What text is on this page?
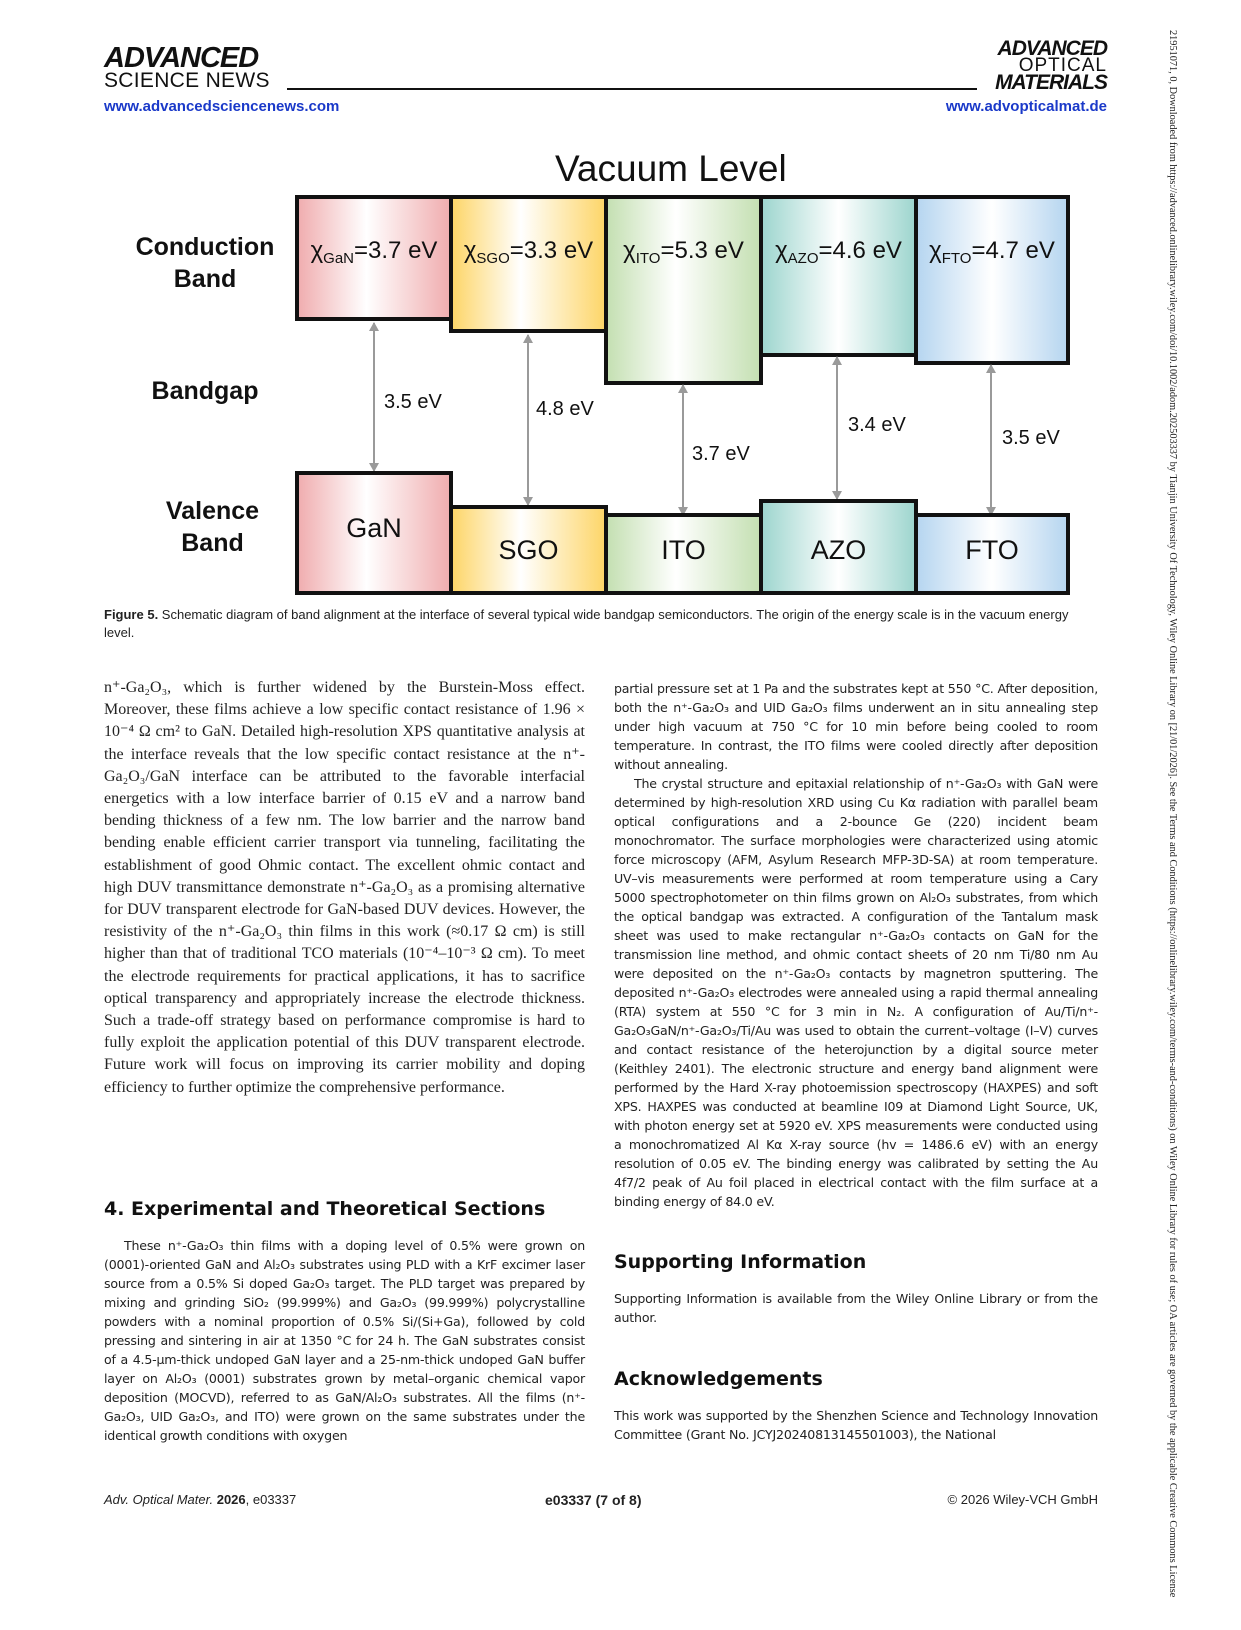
ADVANCED
SCIENCE NEWS
www.advancedsciencenews.com
ADVANCED
OPTICAL
MATERIALS
www.advopticalmat.de	21951071, 0, Downloaded from https://advanced.onlinelibrary.wiley.com/doi/10.1002/adom.202503337 by Tianjin University Of Technology, Wiley Online Library on [21/01/2026]. See the Terms and Conditions (https://onlinelibrary.wiley.com/terms-and-conditions) on Wiley Online Library for rules of use; OA articles are governed by the applicable Creative Commons License
Vacuum Level
Conduction
Band
Bandgap
Valence
Band
$\chi_{GaN}=3.7$ eV	$\chi_{SGO}=3.3$ eV	$\chi_{ITO}=5.3$ eV	$\chi_{AZO}=4.6$ eV	$\chi_{FTO}=4.7$ eV
3.5 eV	4.8 eV
3.7 eV
3.4 eV
3.5 eV
GaN
SGO	ITO	AZO	FTO
Figure 5. Schematic diagram of band alignment at the interface of several typical wide bandgap semiconductors. The origin of the energy scale is in the vacuum energy level.
n⁺-Ga₂O₃, which is further widened by the Burstein-Moss effect. Moreover, these films achieve a low specific contact resistance of 1.96 × 10⁻⁴ Ω cm² to GaN. Detailed high-resolution XPS quantitative analysis at the interface reveals that the low specific contact resistance at the n⁺-Ga₂O₃/GaN interface can be attributed to the favorable interfacial energetics with a low interface barrier of 0.15 eV and a narrow band bending thickness of a few nm. The low barrier and the narrow band bending enable efficient carrier transport via tunneling, facilitating the establishment of good Ohmic contact. The excellent ohmic contact and high DUV transmittance demonstrate n⁺-Ga₂O₃ as a promising alternative for DUV transparent electrode for GaN-based DUV devices. However, the resistivity of the n⁺-Ga₂O₃ thin films in this work (≈0.17 Ω cm) is still higher than that of traditional TCO materials (10⁻⁴–10⁻³ Ω cm). To meet the electrode requirements for practical applications, it has to sacrifice optical transparency and appropriately increase the electrode thickness. Such a trade-off strategy based on performance compromise is hard to fully exploit the application potential of this DUV transparent electrode. Future work will focus on improving its carrier mobility and doping efficiency to further optimize the comprehensive performance.
4. Experimental and Theoretical Sections
These n⁺-Ga₂O₃ thin films with a doping level of 0.5% were grown on (0001)-oriented GaN and Al₂O₃ substrates using PLD with a KrF excimer laser source from a 0.5% Si doped Ga₂O₃ target. The PLD target was prepared by mixing and grinding SiO₂ (99.999%) and Ga₂O₃ (99.999%) polycrystalline powders with a nominal proportion of 0.5% Si/(Si+Ga), followed by cold pressing and sintering in air at 1350 °C for 24 h. The GaN substrates consist of a 4.5-µm-thick undoped GaN layer and a 25-nm-thick undoped GaN buffer layer on Al₂O₃ (0001) substrates grown by metal–organic chemical vapor deposition (MOCVD), referred to as GaN/Al₂O₃ substrates. All the films (n⁺-Ga₂O₃, UID Ga₂O₃, and ITO) were grown on the same substrates under the identical growth conditions with oxygen
partial pressure set at 1 Pa and the substrates kept at 550 °C. After deposition, both the n⁺-Ga₂O₃ and UID Ga₂O₃ films underwent an in situ annealing step under high vacuum at 750 °C for 10 min before being cooled to room temperature. In contrast, the ITO films were cooled directly after deposition without annealing.
The crystal structure and epitaxial relationship of n⁺-Ga₂O₃ with GaN were determined by high-resolution XRD using Cu Kα radiation with parallel beam optical configurations and a 2-bounce Ge (220) incident beam monochromator. The surface morphologies were characterized using atomic force microscopy (AFM, Asylum Research MFP-3D-SA) at room temperature. UV–vis measurements were performed at room temperature using a Cary 5000 spectrophotometer on thin films grown on Al₂O₃ substrates, from which the optical bandgap was extracted. A configuration of the Tantalum mask sheet was used to make rectangular n⁺-Ga₂O₃ contacts on GaN for the transmission line method, and ohmic contact sheets of 20 nm Ti/80 nm Au were deposited on the n⁺-Ga₂O₃ contacts by magnetron sputtering. The deposited n⁺-Ga₂O₃ electrodes were annealed using a rapid thermal annealing (RTA) system at 550 °C for 3 min in N₂. A configuration of Au/Ti/n⁺-Ga₂O₃GaN/n⁺-Ga₂O₃/Ti/Au was used to obtain the current–voltage (I–V) curves and contact resistance of the heterojunction by a digital source meter (Keithley 2401). The electronic structure and energy band alignment were performed by the Hard X-ray photoemission spectroscopy (HAXPES) and soft XPS. HAXPES was conducted at beamline I09 at Diamond Light Source, UK, with photon energy set at 5920 eV. XPS measurements were conducted using a monochromatized Al Kα X-ray source (hv = 1486.6 eV) with an energy resolution of 0.05 eV. The binding energy was calibrated by setting the Au 4f7/2 peak of Au foil placed in electrical contact with the film surface at a binding energy of 84.0 eV.
Supporting Information
Supporting Information is available from the Wiley Online Library or from the author.
Acknowledgements
This work was supported by the Shenzhen Science and Technology Innovation Committee (Grant No. JCYJ20240813145501003), the National
Adv. Optical Mater. 2026, e03337	e03337 (7 of 8)	© 2026 Wiley-VCH GmbH
